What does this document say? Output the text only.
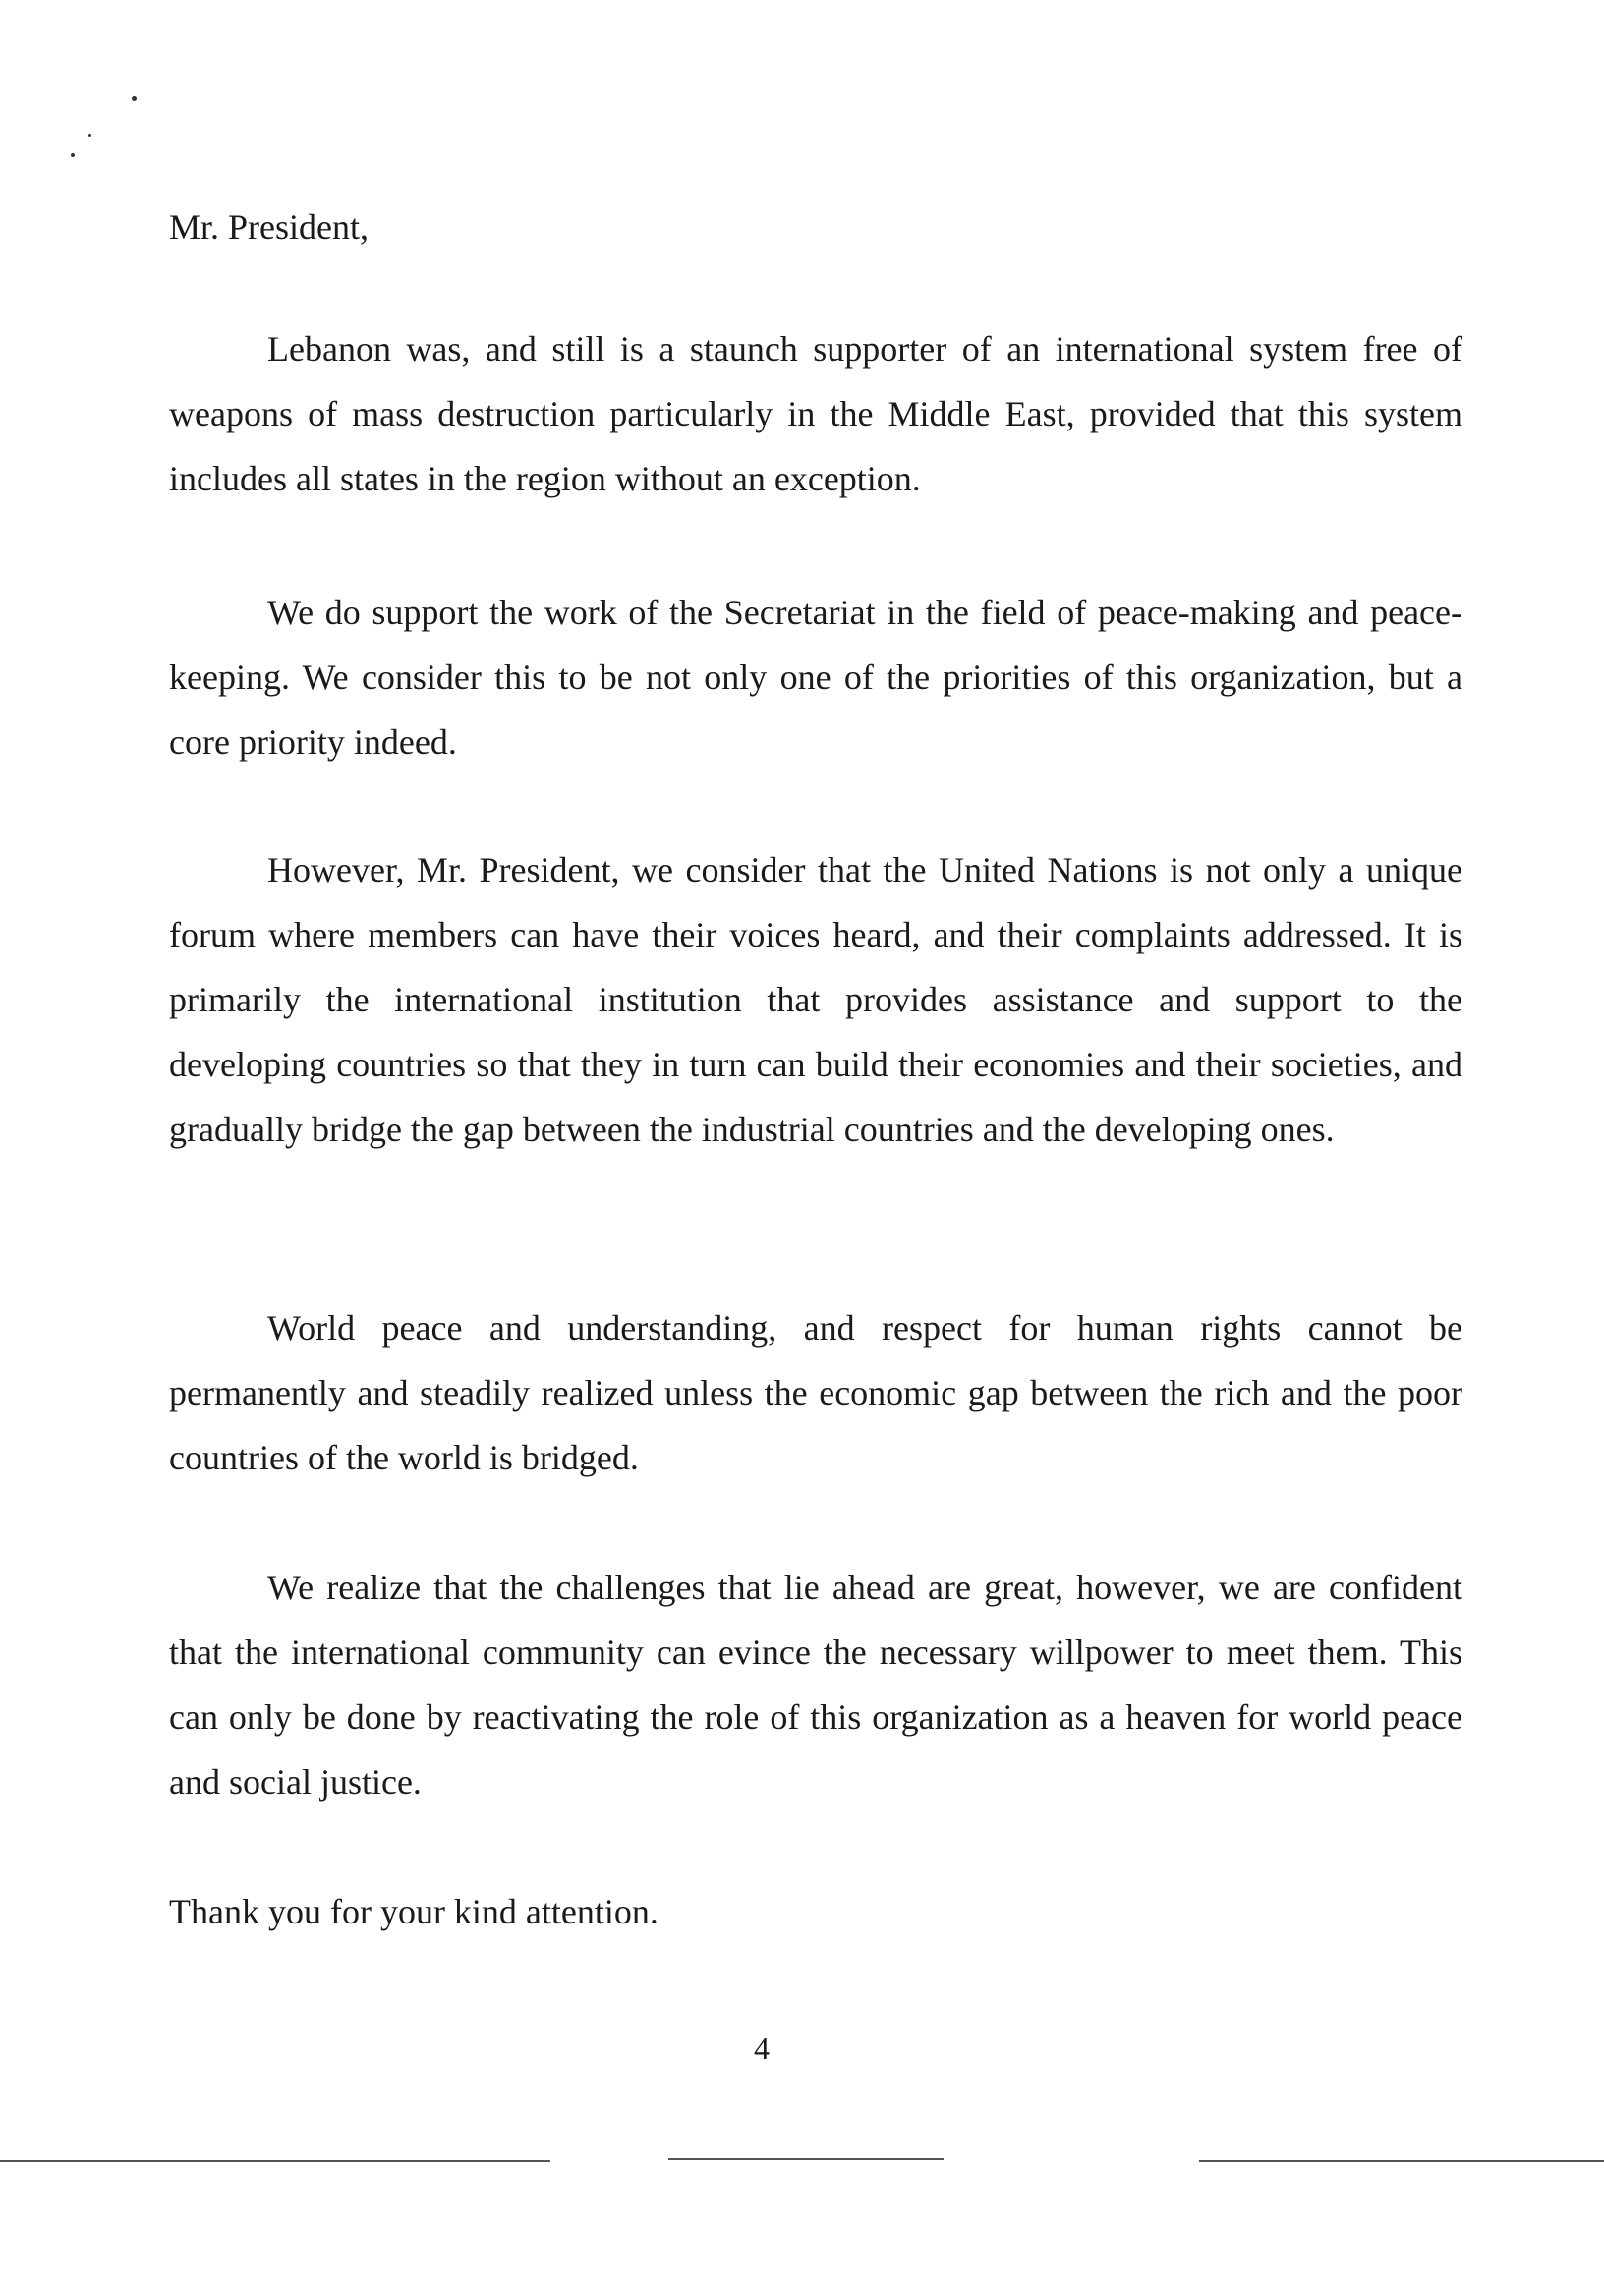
Mr. President,

Lebanon was, and still is a staunch supporter of an international system free of weapons of mass destruction particularly in the Middle East, provided that this system includes all states in the region without an exception.

We do support the work of the Secretariat in the field of peace-making and peace-keeping. We consider this to be not only one of the priorities of this organization, but a core priority indeed.

However, Mr. President, we consider that the United Nations is not only a unique forum where members can have their voices heard, and their complaints addressed. It is primarily the international institution that provides assistance and support to the developing countries so that they in turn can build their economies and their societies, and gradually bridge the gap between the industrial countries and the developing ones.

World peace and understanding, and respect for human rights cannot be permanently and steadily realized unless the economic gap between the rich and the poor countries of the world is bridged.

We realize that the challenges that lie ahead are great, however, we are confident that the international community can evince the necessary willpower to meet them. This can only be done by reactivating the role of this organization as a heaven for world peace and social justice.

Thank you for your kind attention.

4
